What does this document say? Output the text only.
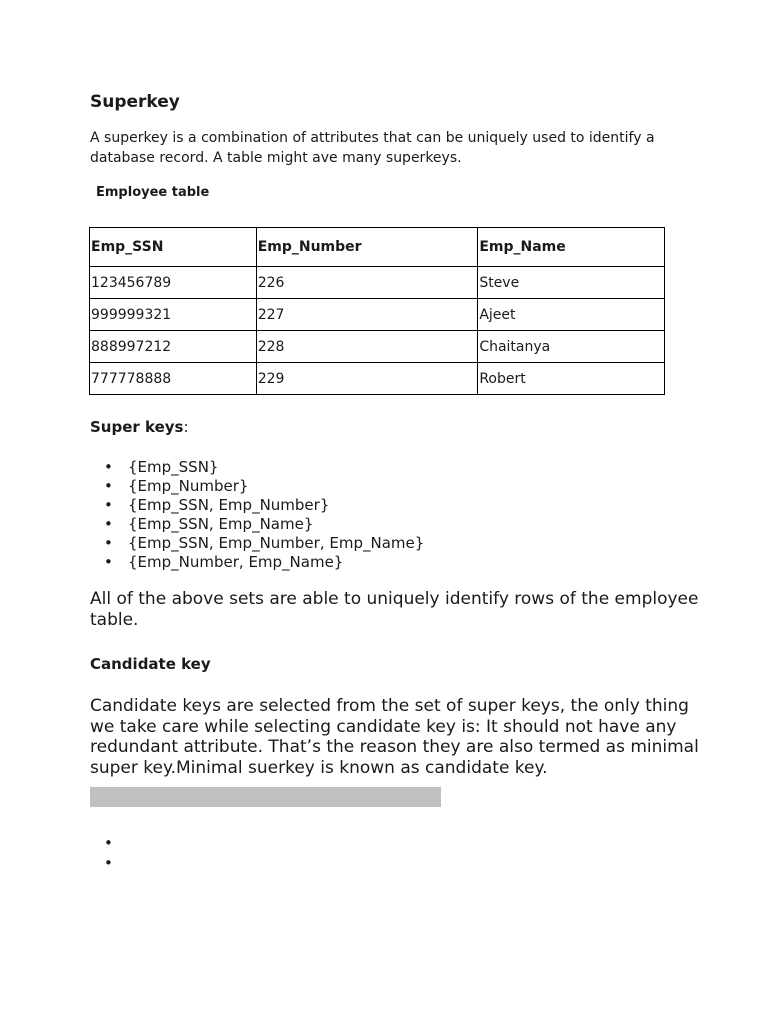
Superkey

A superkey is a combination of attributes that can be uniquely used to identify a database record. A table might ave many superkeys.

Employee table

Emp_SSN	Emp_Number	Emp_Name
123456789	226	Steve
999999321	227	Ajeet
888997212	228	Chaitanya
777778888	229	Robert

Super keys:

• {Emp_SSN}
• {Emp_Number}
• {Emp_SSN, Emp_Number}
• {Emp_SSN, Emp_Name}
• {Emp_SSN, Emp_Number, Emp_Name}
• {Emp_Number, Emp_Name}

All of the above sets are able to uniquely identify rows of the employee table.

Candidate key

Candidate keys are selected from the set of super keys, the only thing we take care while selecting candidate key is: It should not have any redundant attribute. That’s the reason they are also termed as minimal super key.Minimal suerkey is known as candidate key.

•
•
